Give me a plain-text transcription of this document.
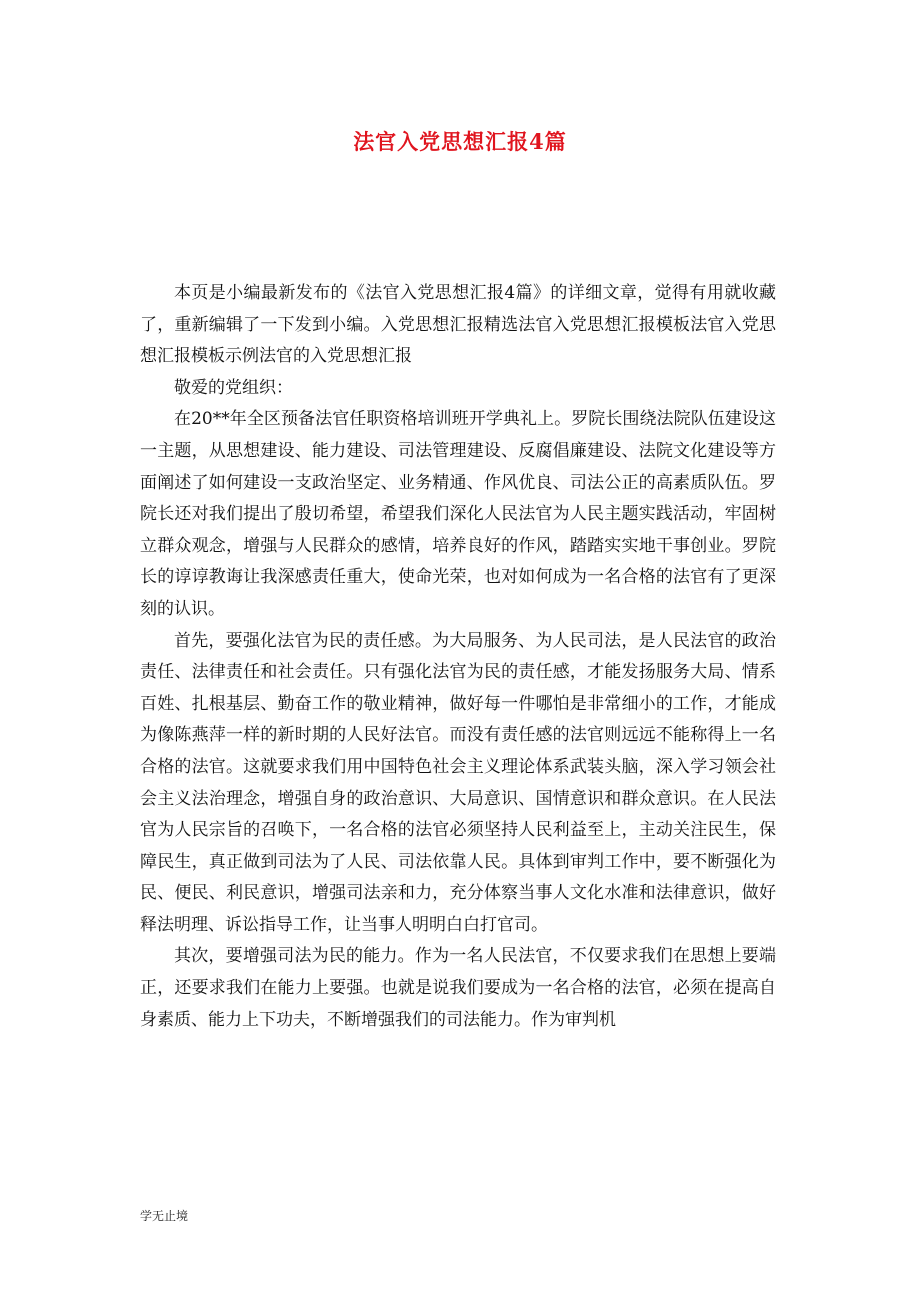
法官入党思想汇报4篇

本页是小编最新发布的《法官入党思想汇报4篇》的详细文章，觉得有用就收藏了，重新编辑了一下发到小编。入党思想汇报精选法官入党思想汇报模板法官入党思想汇报模板示例法官的入党思想汇报

敬爱的党组织：

在20**年全区预备法官任职资格培训班开学典礼上。罗院长围绕法院队伍建设这一主题，从思想建设、能力建设、司法管理建设、反腐倡廉建设、法院文化建设等方面阐述了如何建设一支政治坚定、业务精通、作风优良、司法公正的高素质队伍。罗院长还对我们提出了殷切希望，希望我们深化人民法官为人民主题实践活动，牢固树立群众观念，增强与人民群众的感情，培养良好的作风，踏踏实实地干事创业。罗院长的谆谆教诲让我深感责任重大，使命光荣，也对如何成为一名合格的法官有了更深刻的认识。

首先，要强化法官为民的责任感。为大局服务、为人民司法，是人民法官的政治责任、法律责任和社会责任。只有强化法官为民的责任感，才能发扬服务大局、情系百姓、扎根基层、勤奋工作的敬业精神，做好每一件哪怕是非常细小的工作，才能成为像陈燕萍一样的新时期的人民好法官。而没有责任感的法官则远远不能称得上一名合格的法官。这就要求我们用中国特色社会主义理论体系武装头脑，深入学习领会社会主义法治理念，增强自身的政治意识、大局意识、国情意识和群众意识。在人民法官为人民宗旨的召唤下，一名合格的法官必须坚持人民利益至上，主动关注民生，保障民生，真正做到司法为了人民、司法依靠人民。具体到审判工作中，要不断强化为民、便民、利民意识，增强司法亲和力，充分体察当事人文化水准和法律意识，做好释法明理、诉讼指导工作，让当事人明明白白打官司。

其次，要增强司法为民的能力。作为一名人民法官，不仅要求我们在思想上要端正，还要求我们在能力上要强。也就是说我们要成为一名合格的法官，必须在提高自身素质、能力上下功夫，不断增强我们的司法能力。作为审判机

学无止境
